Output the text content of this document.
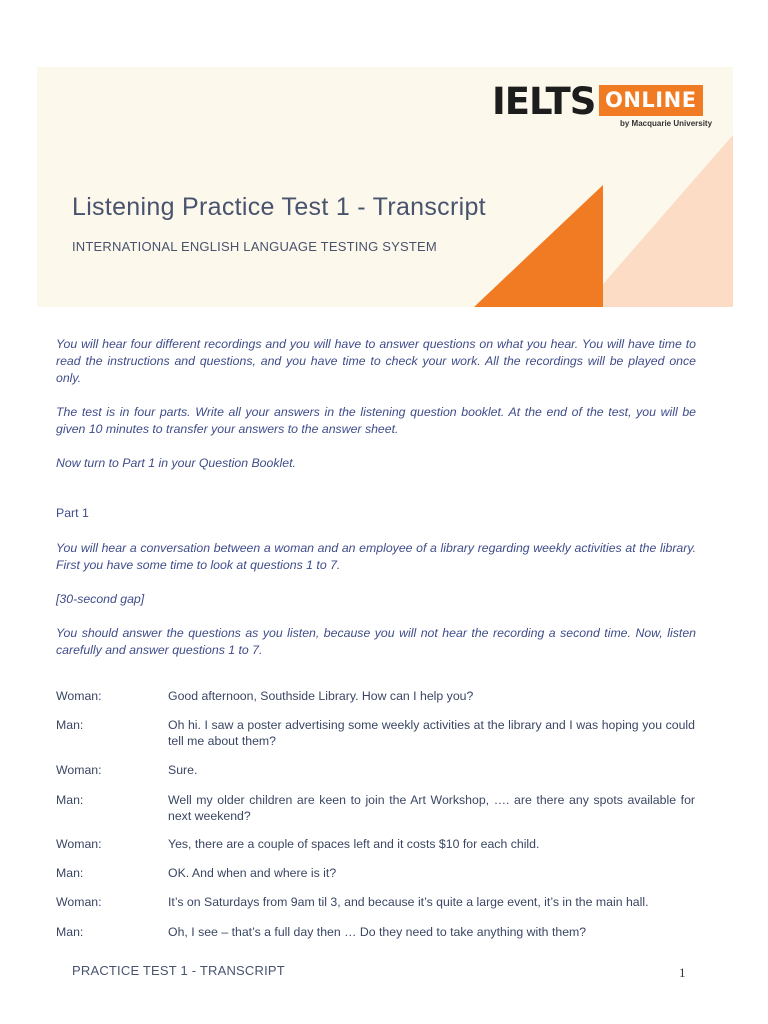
IELTS ONLINE
by Macquarie University
Listening Practice Test 1 - Transcript
INTERNATIONAL ENGLISH LANGUAGE TESTING SYSTEM

You will hear four different recordings and you will have to answer questions on what you hear. You will have time to read the instructions and questions, and you have time to check your work. All the recordings will be played once only.

The test is in four parts. Write all your answers in the listening question booklet. At the end of the test, you will be given 10 minutes to transfer your answers to the answer sheet.

Now turn to Part 1 in your Question Booklet.

Part 1

You will hear a conversation between a woman and an employee of a library regarding weekly activities at the library. First you have some time to look at questions 1 to 7.

[30-second gap]

You should answer the questions as you listen, because you will not hear the recording a second time. Now, listen carefully and answer questions 1 to 7.

Woman:	Good afternoon, Southside Library. How can I help you?
Man:	Oh hi. I saw a poster advertising some weekly activities at the library and I was hoping you could tell me about them?
Woman:	Sure.
Man:	Well my older children are keen to join the Art Workshop, …. are there any spots available for next weekend?
Woman:	Yes, there are a couple of spaces left and it costs $10 for each child.
Man:	OK. And when and where is it?
Woman:	It’s on Saturdays from 9am til 3, and because it’s quite a large event, it’s in the main hall.
Man:	Oh, I see – that’s a full day then … Do they need to take anything with them?
PRACTICE TEST 1 - TRANSCRIPT	1
